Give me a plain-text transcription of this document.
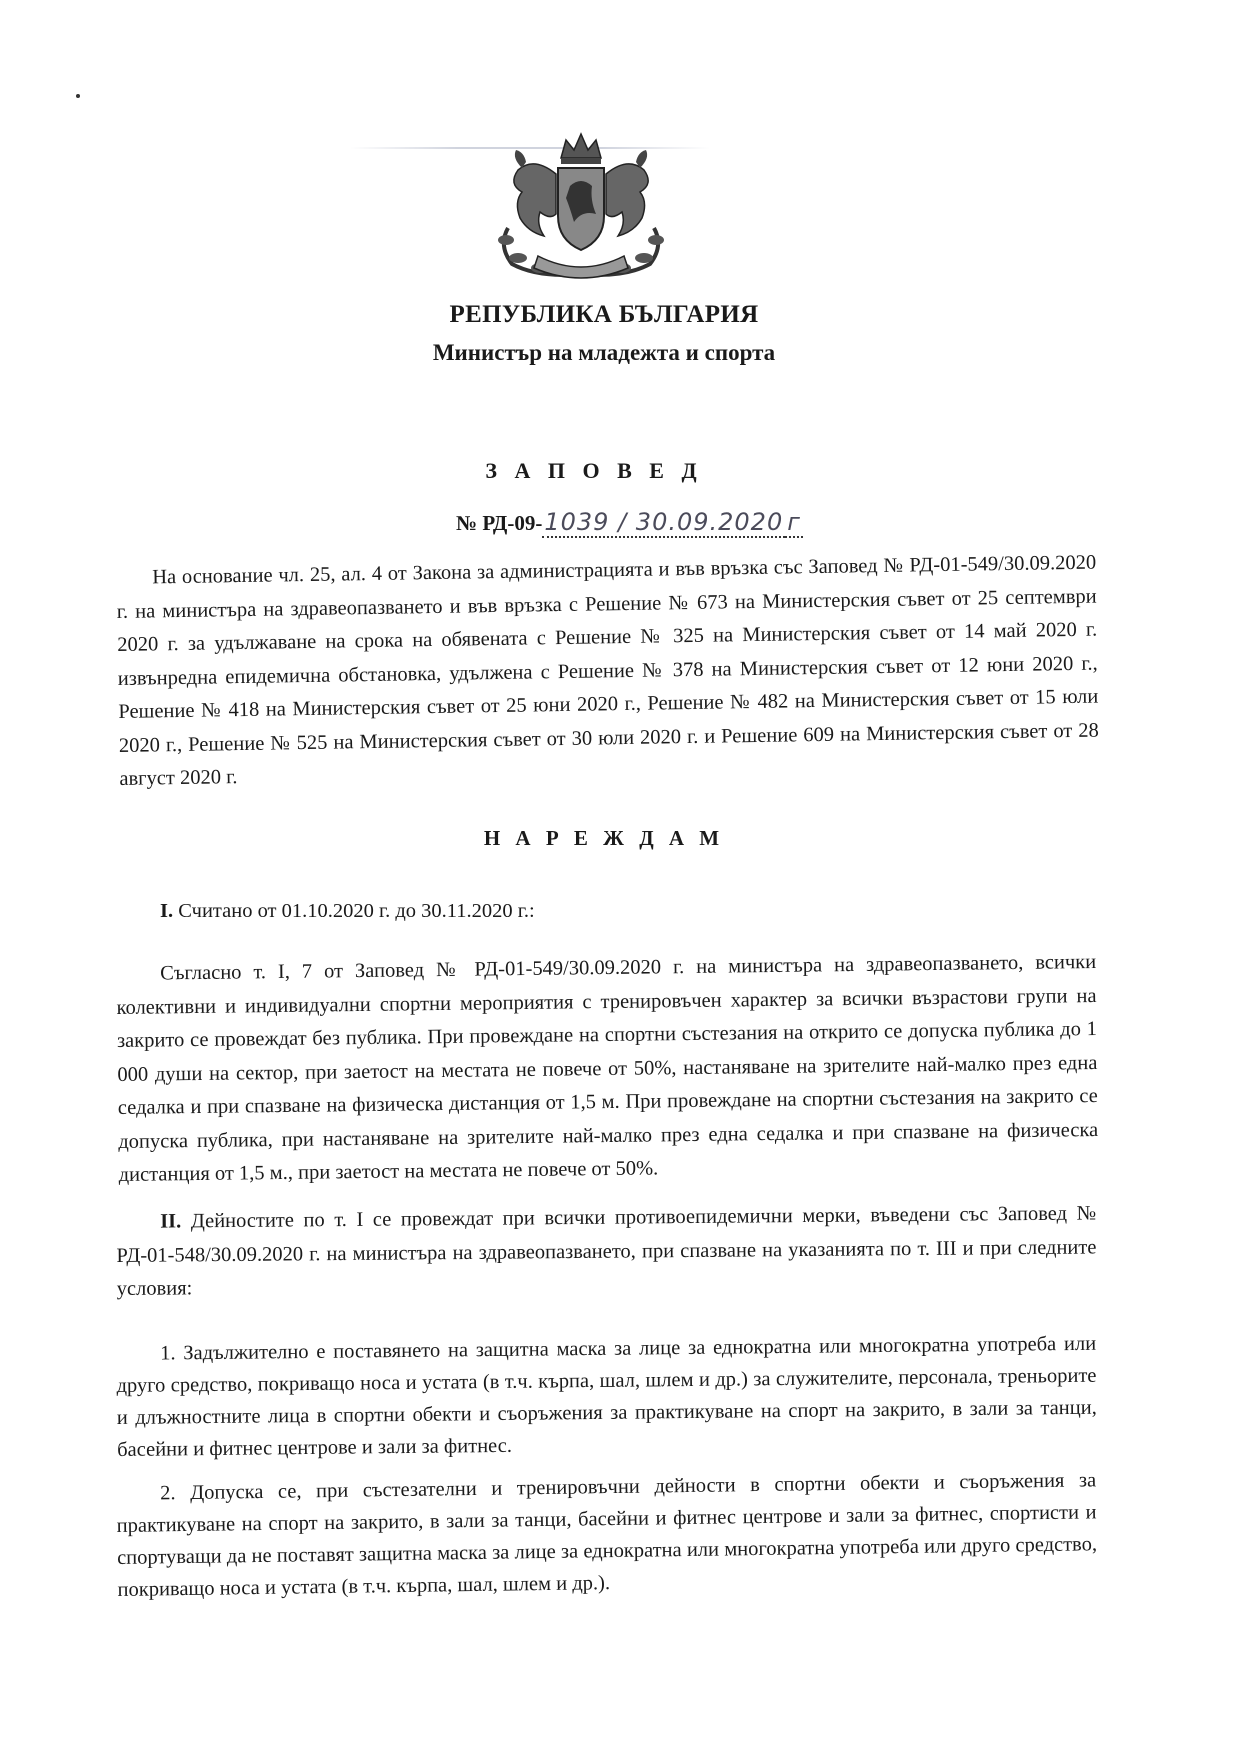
РЕПУБЛИКА БЪЛГАРИЯ
Министър на младежта и спорта
З А П О В Е Д
№ РД-09-1039 / 30.09.2020 г
На основание чл. 25, ал. 4 от Закона за администрацията и във връзка със Заповед № РД-01-549/30.09.2020 г. на министъра на здравеопазването и във връзка с Решение № 673 на Министерския съвет от 25 септември 2020 г. за удължаване на срока на обявената с Решение № 325 на Министерския съвет от 14 май 2020 г. извънредна епидемична обстановка, удължена с Решение № 378 на Министерския съвет от 12 юни 2020 г., Решение № 418 на Министерския съвет от 25 юни 2020 г., Решение № 482 на Министерския съвет от 15 юли 2020 г., Решение № 525 на Министерския съвет от 30 юли 2020 г. и Решение 609 на Министерския съвет от 28 август 2020 г.
Н А Р Е Ж Д А М
I. Считано от 01.10.2020 г. до 30.11.2020 г.:
Съгласно т. I, 7 от Заповед № РД-01-549/30.09.2020 г. на министъра на здравеопазването, всички колективни и индивидуални спортни мероприятия с тренировъчен характер за всички възрастови групи на закрито се провеждат без публика. При провеждане на спортни състезания на открито се допуска публика до 1 000 души на сектор, при заетост на местата не повече от 50%, настаняване на зрителите най-малко през една седалка и при спазване на физическа дистанция от 1,5 м. При провеждане на спортни състезания на закрито се допуска публика, при настаняване на зрителите най-малко през една седалка и при спазване на физическа дистанция от 1,5 м., при заетост на местата не повече от 50%.
II. Дейностите по т. I се провеждат при всички противоепидемични мерки, въведени със Заповед № РД-01-548/30.09.2020 г. на министъра на здравеопазването, при спазване на указанията по т. III и при следните условия:
1. Задължително е поставянето на защитна маска за лице за еднократна или многократна употреба или друго средство, покриващо носа и устата (в т.ч. кърпа, шал, шлем и др.) за служителите, персонала, треньорите и длъжностните лица в спортни обекти и съоръжения за практикуване на спорт на закрито, в зали за танци, басейни и фитнес центрове и зали за фитнес.
2. Допуска се, при състезателни и тренировъчни дейности в спортни обекти и съоръжения за практикуване на спорт на закрито, в зали за танци, басейни и фитнес центрове и зали за фитнес, спортисти и спортуващи да не поставят защитна маска за лице за еднократна или многократна употреба или друго средство, покриващо носа и устата (в т.ч. кърпа, шал, шлем и др.).
